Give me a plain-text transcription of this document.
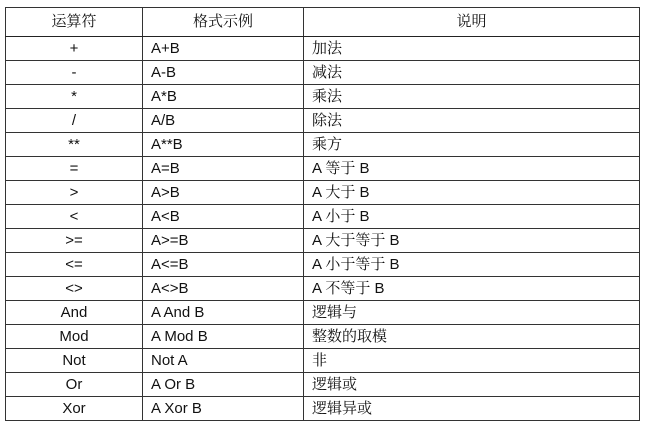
运算符	格式示例	说明
+	A+B	加法
-	A-B	减法
*	A*B	乘法
/	A/B	除法
**	A**B	乘方
=	A=B	A 等于 B
>	A>B	A 大于 B
<	A<B	A 小于 B
>=	A>=B	A 大于等于 B
<=	A<=B	A 小于等于 B
<>	A<>B	A 不等于 B
And	A And B	逻辑与
Mod	A Mod B	整数的取模
Not	Not A	非
Or	A Or B	逻辑或
Xor	A Xor B	逻辑异或
